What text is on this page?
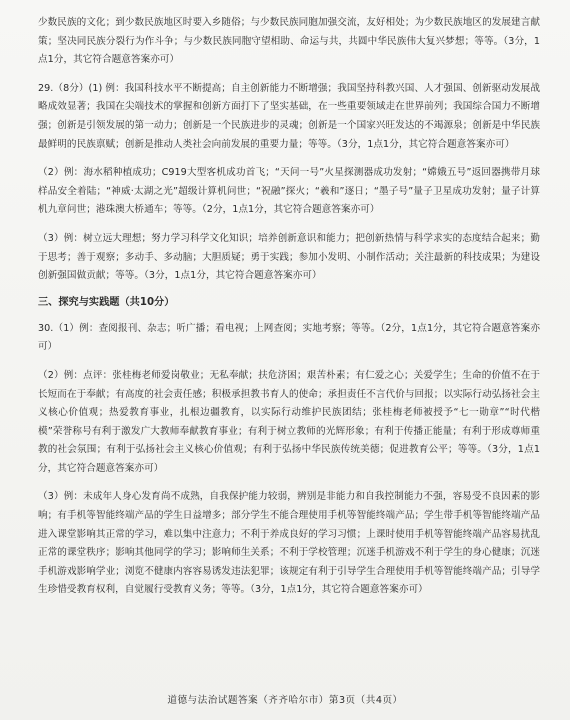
少数民族的文化；到少数民族地区时要入乡随俗；与少数民族同胞加强交流，友好相处；为少数民族地区的发展建言献策；坚决同民族分裂行为作斗争；与少数民族同胞守望相助、命运与共，共圆中华民族伟大复兴梦想；等等。（3分，1点1分，其它符合题意答案亦可）

29.（8分）(1) 例：我国科技水平不断提高；自主创新能力不断增强；我国坚持科教兴国、人才强国、创新驱动发展战略成效显著；我国在尖端技术的掌握和创新方面打下了坚实基础，在一些重要领域走在世界前列；我国综合国力不断增强；创新是引领发展的第一动力；创新是一个民族进步的灵魂；创新是一个国家兴旺发达的不竭源泉；创新是中华民族最鲜明的民族禀赋；创新是推动人类社会向前发展的重要力量；等等。（3分，1点1分，其它符合题意答案亦可）

（2）例：海水稻种植成功；C919大型客机成功首飞；“天问一号”火星探测器成功发射；“嫦娥五号”返回器携带月球样品安全着陆；“神威·太湖之光”超级计算机问世；“祝融”探火；“羲和”逐日；“墨子号”量子卫星成功发射；量子计算机九章问世；港珠澳大桥通车；等等。（2分，1点1分，其它符合题意答案亦可）

（3）例：树立远大理想；努力学习科学文化知识；培养创新意识和能力；把创新热情与科学求实的态度结合起来；勤于思考；善于观察；多动手、多动脑；大胆质疑；勇于实践；参加小发明、小制作活动；关注最新的科技成果；为建设创新强国做贡献；等等。（3分，1点1分，其它符合题意答案亦可）

三、探究与实践题（共10分）

30.（1）例：查阅报刊、杂志；听广播；看电视；上网查阅；实地考察；等等。（2分，1点1分，其它符合题意答案亦可）

（2）例：点评：张桂梅老师爱岗敬业；无私奉献；扶危济困；艰苦朴素；有仁爱之心；关爱学生；生命的价值不在于长短而在于奉献；有高度的社会责任感；积极承担教书育人的使命；承担责任不言代价与回报；以实际行动弘扬社会主义核心价值观；热爱教育事业，扎根边疆教育，以实际行动维护民族团结；张桂梅老师被授予“七一勋章”“时代楷模”荣誉称号有利于激发广大教师奉献教育事业；有利于树立教师的光辉形象；有利于传播正能量；有利于形成尊师重教的社会氛围；有利于弘扬社会主义核心价值观；有利于弘扬中华民族传统美德；促进教育公平；等等。（3分，1点1分，其它符合题意答案亦可）

（3）例：未成年人身心发育尚不成熟，自我保护能力较弱，辨别是非能力和自我控制能力不强，容易受不良因素的影响；有手机等智能终端产品的学生日益增多；部分学生不能合理使用手机等智能终端产品；学生带手机等智能终端产品进入课堂影响其正常的学习，难以集中注意力；不利于养成良好的学习习惯；上课时使用手机等智能终端产品容易扰乱正常的课堂秩序；影响其他同学的学习；影响师生关系；不利于学校管理；沉迷手机游戏不利于学生的身心健康；沉迷手机游戏影响学业；浏览不健康内容容易诱发违法犯罪；该规定有利于引导学生合理使用手机等智能终端产品；引导学生珍惜受教育权利，自觉履行受教育义务；等等。（3分，1点1分，其它符合题意答案亦可）

道德与法治试题答案（齐齐哈尔市）第3页（共4页）
